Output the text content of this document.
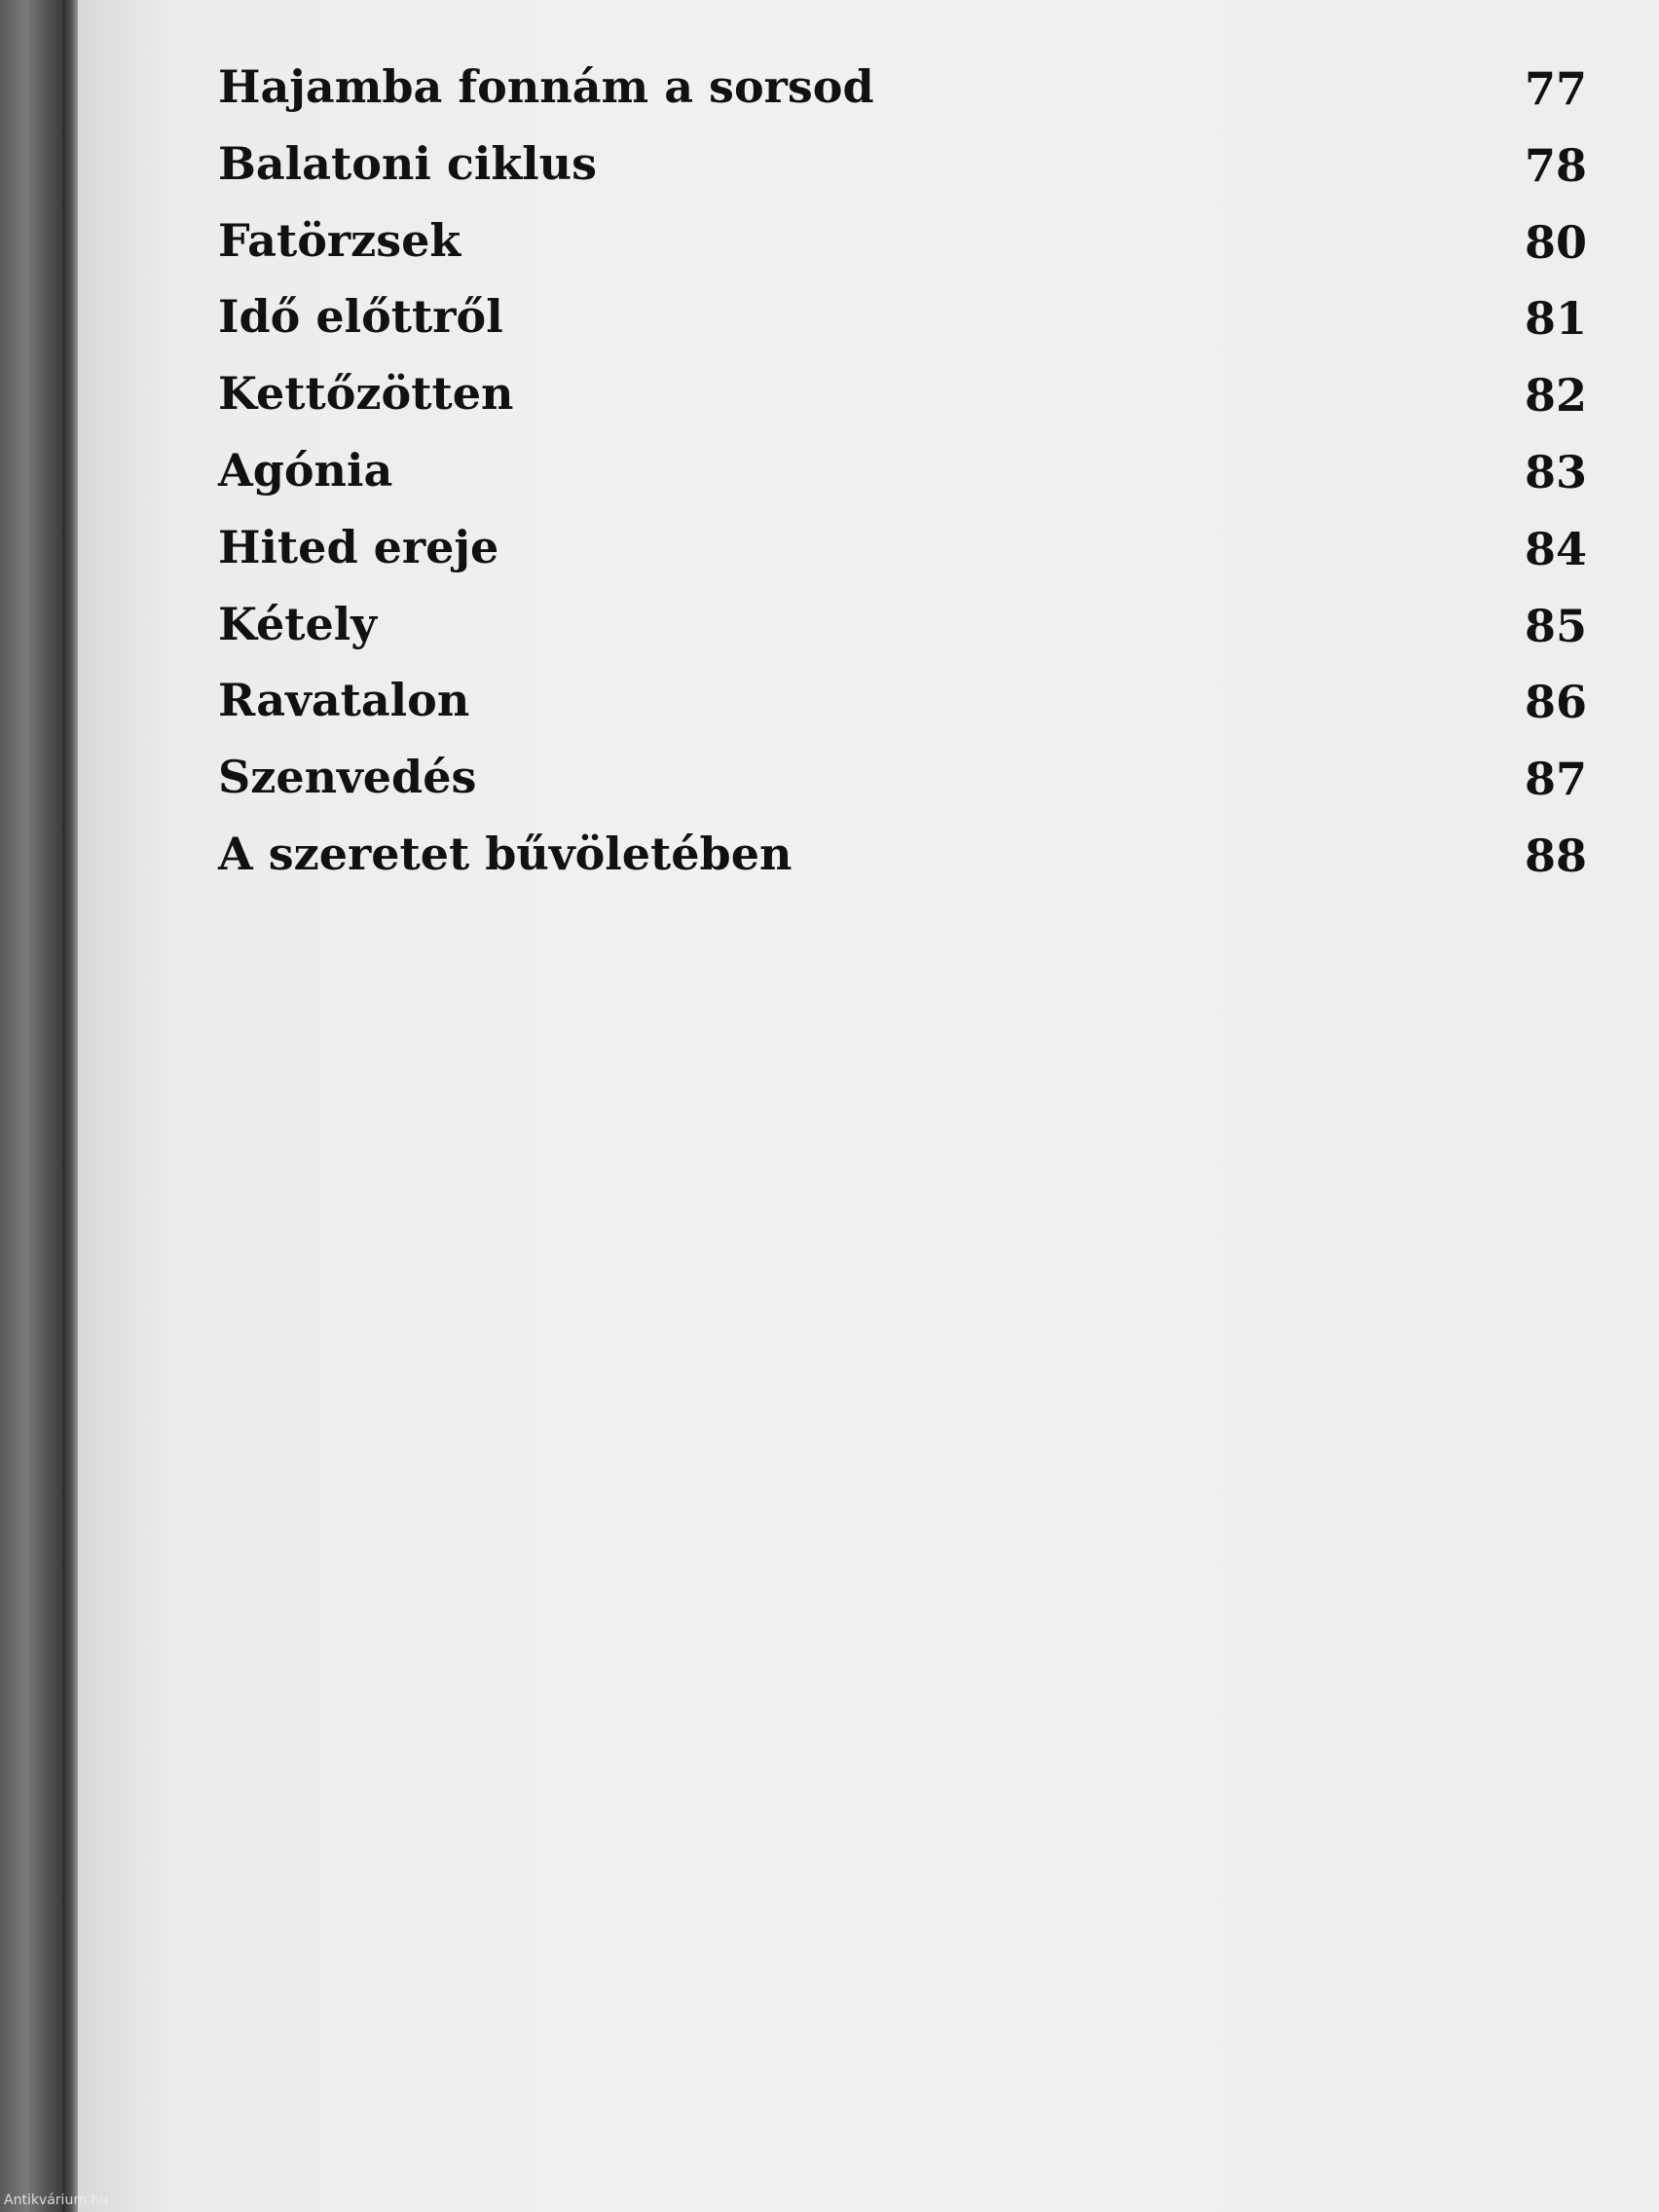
Hajamba fonnám a sorsod	77
Balatoni ciklus	78
Fatörzsek	80
Idő előttről	81
Kettőzötten	82
Agónia	83
Hited ereje	84
Kétely	85
Ravatalon	86
Szenvedés	87
A szeretet bűvöletében	88
Antikvárium.hu
